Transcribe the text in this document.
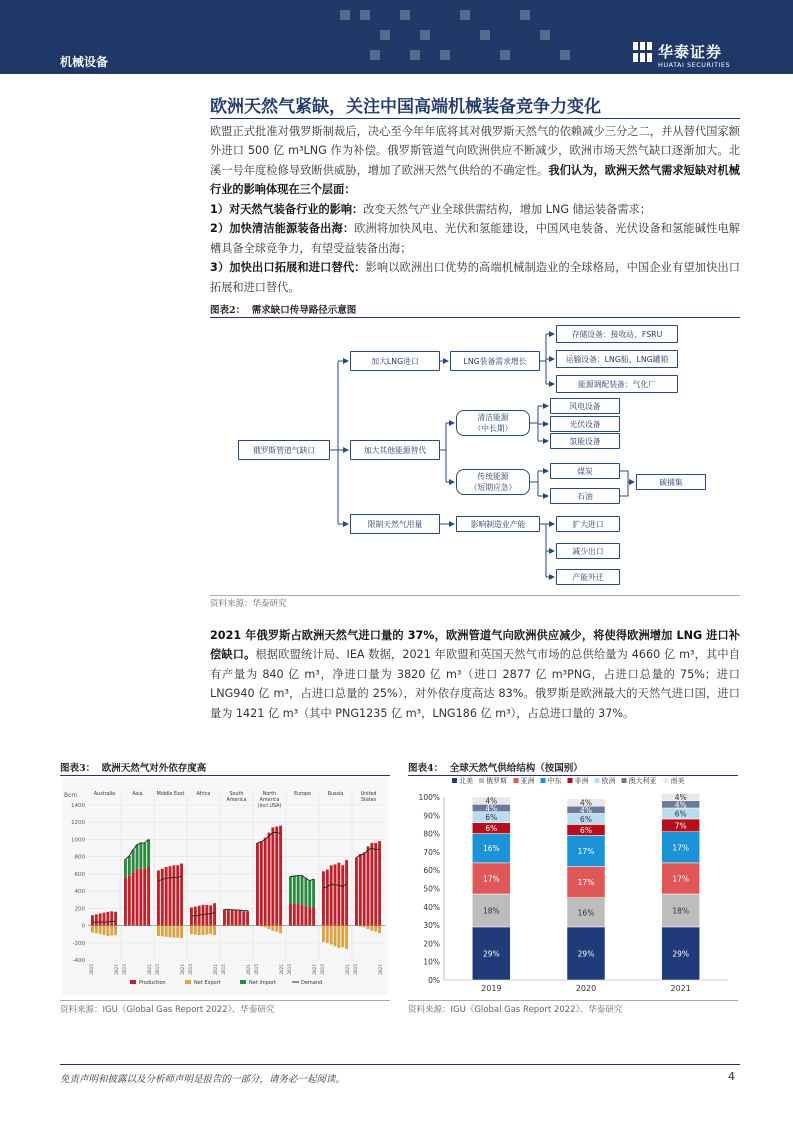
机械设备
华泰证券
HUATAI SECURITIES
欧洲天然气紧缺，关注中国高端机械装备竞争力变化
欧盟正式批准对俄罗斯制裁后，决心至今年年底将其对俄罗斯天然气的依赖减少三分之二，并从替代国家额外进口 500 亿 m³LNG 作为补偿。俄罗斯管道气向欧洲供应不断减少，欧洲市场天然气缺口逐渐加大。北溪一号年度检修导致断供威胁，增加了欧洲天然气供给的不确定性。我们认为，欧洲天然气需求短缺对机械行业的影响体现在三个层面：
1）对天然气装备行业的影响：改变天然气产业全球供需结构，增加 LNG 储运装备需求；
2）加快清洁能源装备出海：欧洲将加快风电、光伏和氢能建设，中国风电装备、光伏设备和氢能碱性电解槽具备全球竞争力，有望受益装备出海；
3）加快出口拓展和进口替代：影响以欧洲出口优势的高端机械制造业的全球格局，中国企业有望加快出口拓展和进口替代。
图表2： 需求缺口传导路径示意图
俄罗斯管道气缺口
加大LNG进口
加大其他能源替代
限制天然气用量
LNG装备需求增长
存储设备：接收站、FSRU
运输设备：LNG船、LNG罐箱
能源调配装备：气化厂
清洁能源
（中长期）
风电设备
光伏设备
氢能设备
传统能源
（短期应急）
煤炭
石油
碳捕集
影响制造业产能	扩大进口
减少出口
产能外迁
资料来源：华泰研究
2021 年俄罗斯占欧洲天然气进口量的 37%，欧洲管道气向欧洲供应减少，将使得欧洲增加 LNG 进口补偿缺口。根据欧盟统计局、IEA 数据，2021 年欧盟和英国天然气市场的总供给量为 4660 亿 m³，其中自有产量为 840 亿 m³，净进口量为 3820 亿 m³（进口 2877 亿 m³PNG，占进口总量的 75%；进口 LNG940 亿 m³，占进口总量的 25%），对外依存度高达 83%。俄罗斯是欧洲最大的天然气进口国，进口量为 1421 亿 m³（其中 PNG1235 亿 m³，LNG186 亿 m³），占总进口量的 37%。
图表3： 欧洲天然气对外依存度高
Bcm
1400
1200
1000
800
600
400
200
0
-200
-400
Australia
2015	2021
Asia
2015	2021
Middle East
2015	2021
Africa
2015	2021
South
America
2015	2021
North
America
(incl USA)
2015	2021
Europe
2015	2021
Russia
2015	2021
United
States
2015	2021
Production	Net Export	Net Import	Demand
资料来源：IGU《Global Gas Report 2022》、华泰研究
图表4： 全球天然气供给结构（按国别）
北美 俄罗斯 亚洲 中东 非洲 欧洲 澳大利亚 南美
100%
90%
80%
70%
60%
50%
40%
30%
20%
10%
0%
29%
18%
17%
16%
6%
6%
4%
4%
2019
29%
16%
17%
17%
6%
6%
4%
4%
2020
29%
18%
17%
17%
7%
6%
4%
4%
2021
资料来源：IGU《Global Gas Report 2022》、华泰研究
免责声明和披露以及分析师声明是报告的一部分，请务必一起阅读。	4
